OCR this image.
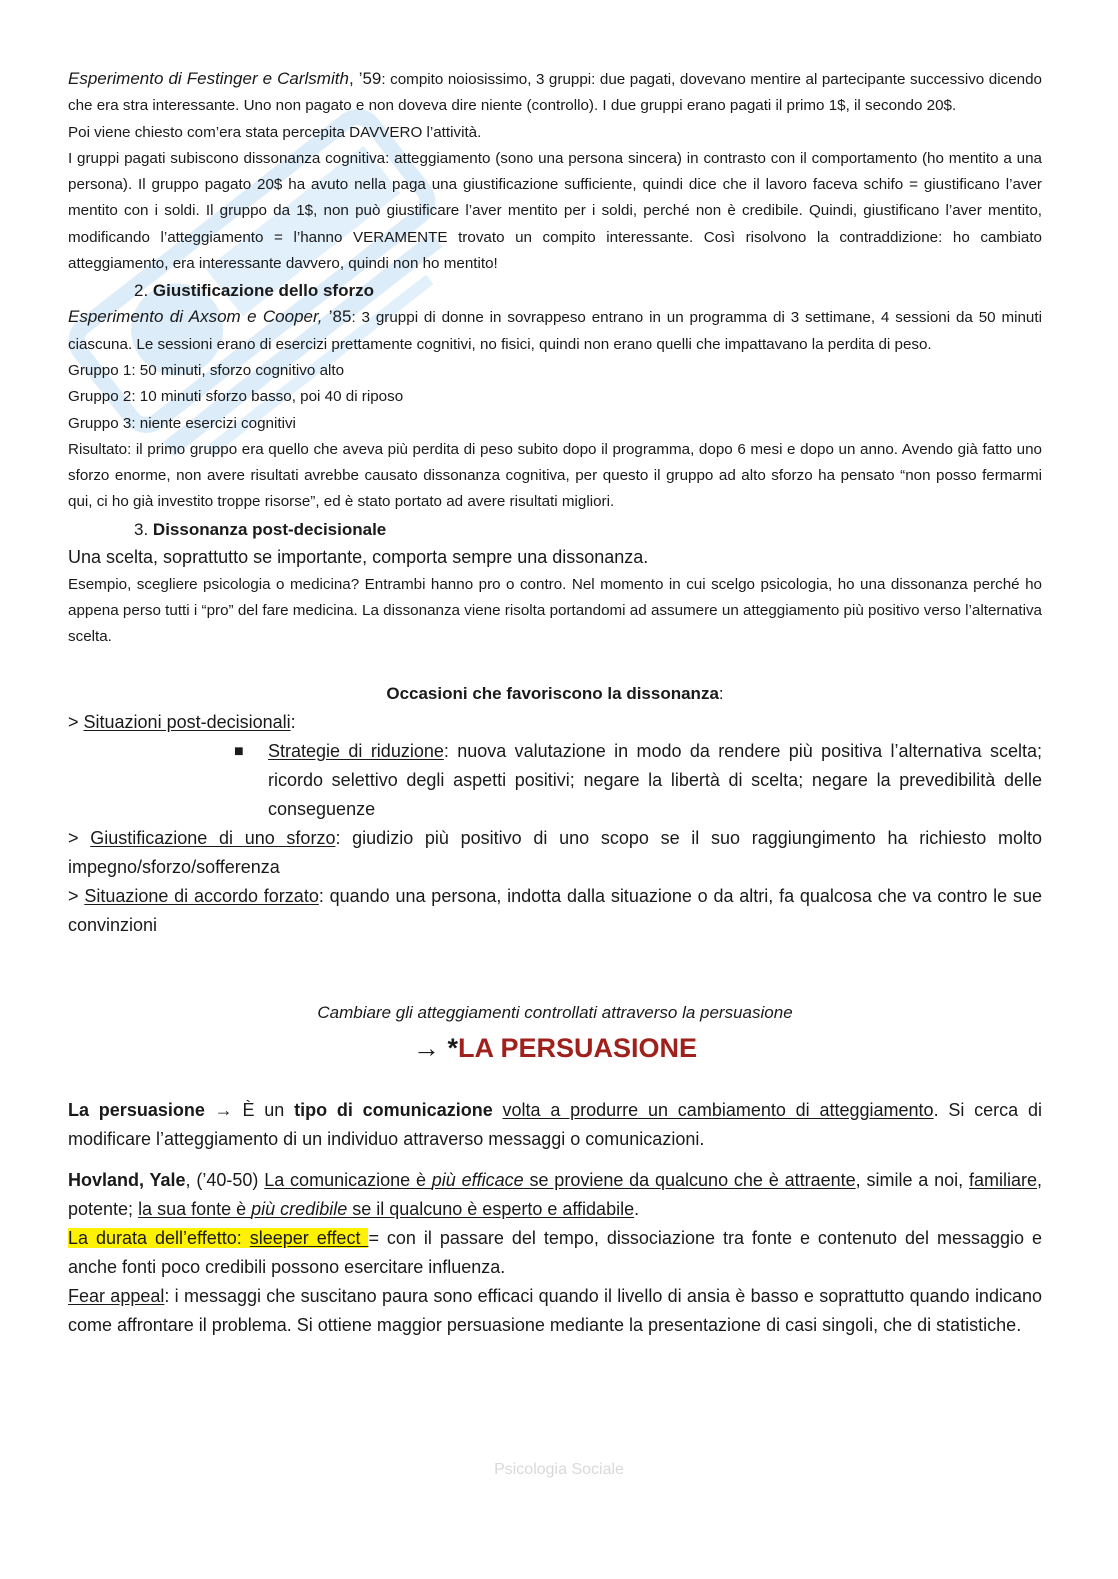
Esperimento di Festinger e Carlsmith, ’59: compito noiosissimo, 3 gruppi: due pagati, dovevano mentire al partecipante successivo dicendo che era stra interessante. Uno non pagato e non doveva dire niente (controllo). I due gruppi erano pagati il primo 1$, il secondo 20$.

Poi viene chiesto com’era stata percepita DAVVERO l’attività.

I gruppi pagati subiscono dissonanza cognitiva: atteggiamento (sono una persona sincera) in contrasto con il comportamento (ho mentito a una persona). Il gruppo pagato 20$ ha avuto nella paga una giustificazione sufficiente, quindi dice che il lavoro faceva schifo = giustificano l’aver mentito con i soldi. Il gruppo da 1$, non può giustificare l’aver mentito per i soldi, perché non è credibile. Quindi, giustificano l’aver mentito, modificando l’atteggiamento = l’hanno VERAMENTE trovato un compito interessante. Così risolvono la contraddizione: ho cambiato atteggiamento, era interessante davvero, quindi non ho mentito!

2. Giustificazione dello sforzo

Esperimento di Axsom e Cooper, ’85: 3 gruppi di donne in sovrappeso entrano in un programma di 3 settimane, 4 sessioni da 50 minuti ciascuna. Le sessioni erano di esercizi prettamente cognitivi, no fisici, quindi non erano quelli che impattavano la perdita di peso.

Gruppo 1: 50 minuti, sforzo cognitivo alto

Gruppo 2: 10 minuti sforzo basso, poi 40 di riposo

Gruppo 3: niente esercizi cognitivi

Risultato: il primo gruppo era quello che aveva più perdita di peso subito dopo il programma, dopo 6 mesi e dopo un anno. Avendo già fatto uno sforzo enorme, non avere risultati avrebbe causato dissonanza cognitiva, per questo il gruppo ad alto sforzo ha pensato “non posso fermarmi qui, ci ho già investito troppe risorse”, ed è stato portato ad avere risultati migliori.

3. Dissonanza post-decisionale

Una scelta, soprattutto se importante, comporta sempre una dissonanza.

Esempio, scegliere psicologia o medicina? Entrambi hanno pro o contro. Nel momento in cui scelgo psicologia, ho una dissonanza perché ho appena perso tutti i “pro” del fare medicina. La dissonanza viene risolta portandomi ad assumere un atteggiamento più positivo verso l’alternativa scelta.

Occasioni che favoriscono la dissonanza:

> Situazioni post-decisionali:

■	Strategie di riduzione: nuova valutazione in modo da rendere più positiva l’alternativa scelta; ricordo selettivo degli aspetti positivi; negare la libertà di scelta; negare la prevedibilità delle conseguenze

> Giustificazione di uno sforzo: giudizio più positivo di uno scopo se il suo raggiungimento ha richiesto molto impegno/sforzo/sofferenza

> Situazione di accordo forzato: quando una persona, indotta dalla situazione o da altri, fa qualcosa che va contro le sue convinzioni

Cambiare gli atteggiamenti controllati attraverso la persuasione

→ *LA PERSUASIONE

La persuasione → È un tipo di comunicazione volta a produrre un cambiamento di atteggiamento. Si cerca di modificare l’atteggiamento di un individuo attraverso messaggi o comunicazioni.

Hovland, Yale, (’40-50) La comunicazione è più efficace se proviene da qualcuno che è attraente, simile a noi, familiare, potente; la sua fonte è più credibile se il qualcuno è esperto e affidabile.

La durata dell’effetto: sleeper effect = con il passare del tempo, dissociazione tra fonte e contenuto del messaggio e anche fonti poco credibili possono esercitare influenza.

Fear appeal: i messaggi che suscitano paura sono efficaci quando il livello di ansia è basso e soprattutto quando indicano come affrontare il problema. Si ottiene maggior persuasione mediante la presentazione di casi singoli, che di statistiche.

Psicologia Sociale
